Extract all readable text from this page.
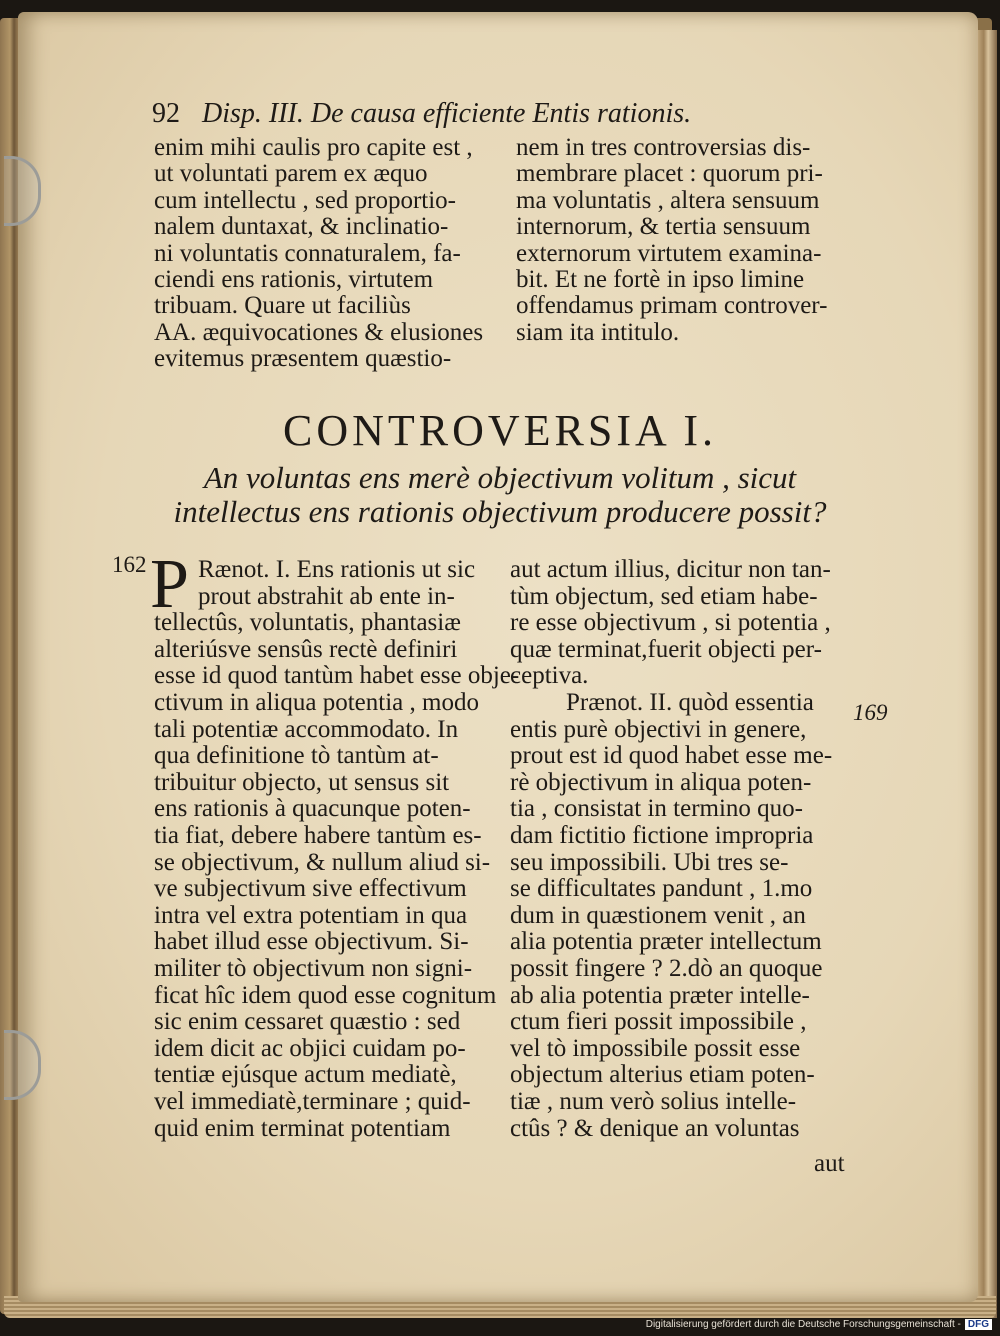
92 Disp. III. De causa efficiente Entis rationis.
enim mihi caulis pro capite est ,
ut voluntati parem ex æquo
cum intellectu , sed proportio-
nalem duntaxat, & inclinatio-
ni voluntatis connaturalem, fa-
ciendi ens rationis, virtutem
tribuam. Quare ut faciliùs
AA. æquivocationes & elusiones
evitemus præsentem quæstio-
nem in tres controversias dis-
membrare placet : quorum pri-
ma voluntatis , altera sensuum
internorum, & tertia sensuum
externorum virtutem examina-
bit. Et ne fortè in ipso limine
offendamus primam controver-
siam ita intitulo.
CONTROVERSIA I.
An voluntas ens merè objectivum volitum , sicut
intellectus ens rationis objectivum producere possit?
162
169
P Rænot. I. Ens rationis ut sic
prout abstrahit ab ente in-
tellectûs, voluntatis, phantasiæ
alteriúsve sensûs rectè definiri
esse id quod tantùm habet esse obje-
ctivum in aliqua potentia , modo
tali potentiæ accommodato. In
qua definitione tò tantùm at-
tribuitur objecto, ut sensus sit
ens rationis à quacunque poten-
tia fiat, debere habere tantùm es-
se objectivum, & nullum aliud si-
ve subjectivum sive effectivum
intra vel extra potentiam in qua
habet illud esse objectivum. Si-
militer tò objectivum non signi-
ficat hîc idem quod esse cognitum
sic enim cessaret quæstio : sed
idem dicit ac objici cuidam po-
tentiæ ejúsque actum mediatè,
vel immediatè,terminare ; quid-
quid enim terminat potentiam
aut actum illius, dicitur non tan-
tùm objectum, sed etiam habe-
re esse objectivum , si potentia ,
quæ terminat,fuerit objecti per-
ceptiva.
Prænot. II. quòd essentia
entis purè objectivi in genere,
prout est id quod habet esse me-
rè objectivum in aliqua poten-
tia , consistat in termino quo-
dam fictitio fictione impropria
seu impossibili. Ubi tres se-
se difficultates pandunt , 1.mo
dum in quæstionem venit , an
alia potentia præter intellectum
possit fingere ? 2.dò an quoque
ab alia potentia præter intelle-
ctum fieri possit impossibile ,
vel tò impossibile possit esse
objectum alterius etiam poten-
tiæ , num verò solius intelle-
ctûs ? & denique an voluntas
aut
Digitalisierung gefördert durch die Deutsche Forschungsgemeinschaft - DFG
